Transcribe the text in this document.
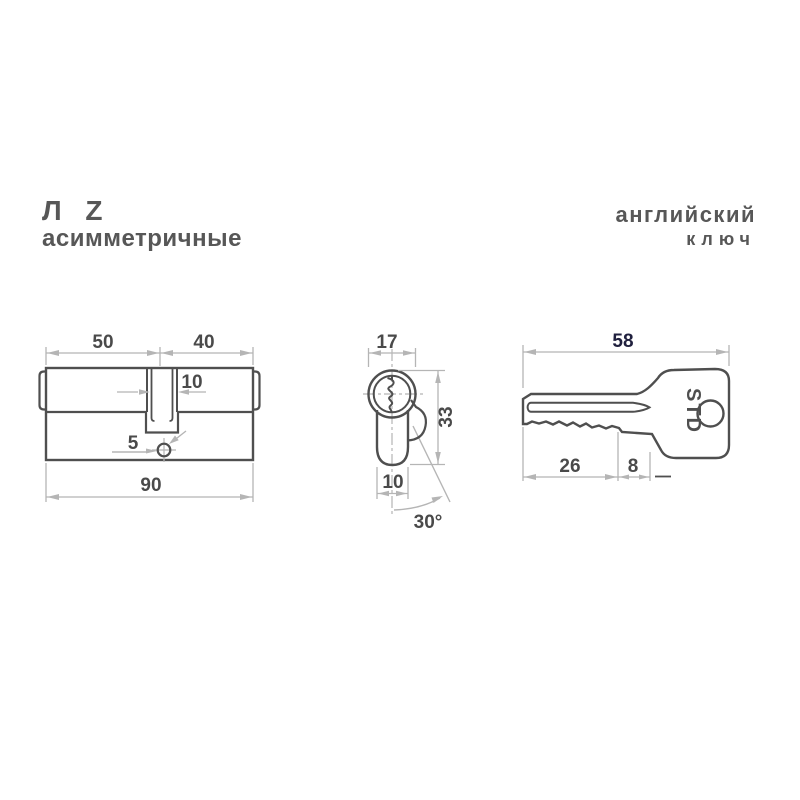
Л Z
асимметричные
английский
ключ
5
50	40
10
90
17
33
10
30°
STD
58
26 8
